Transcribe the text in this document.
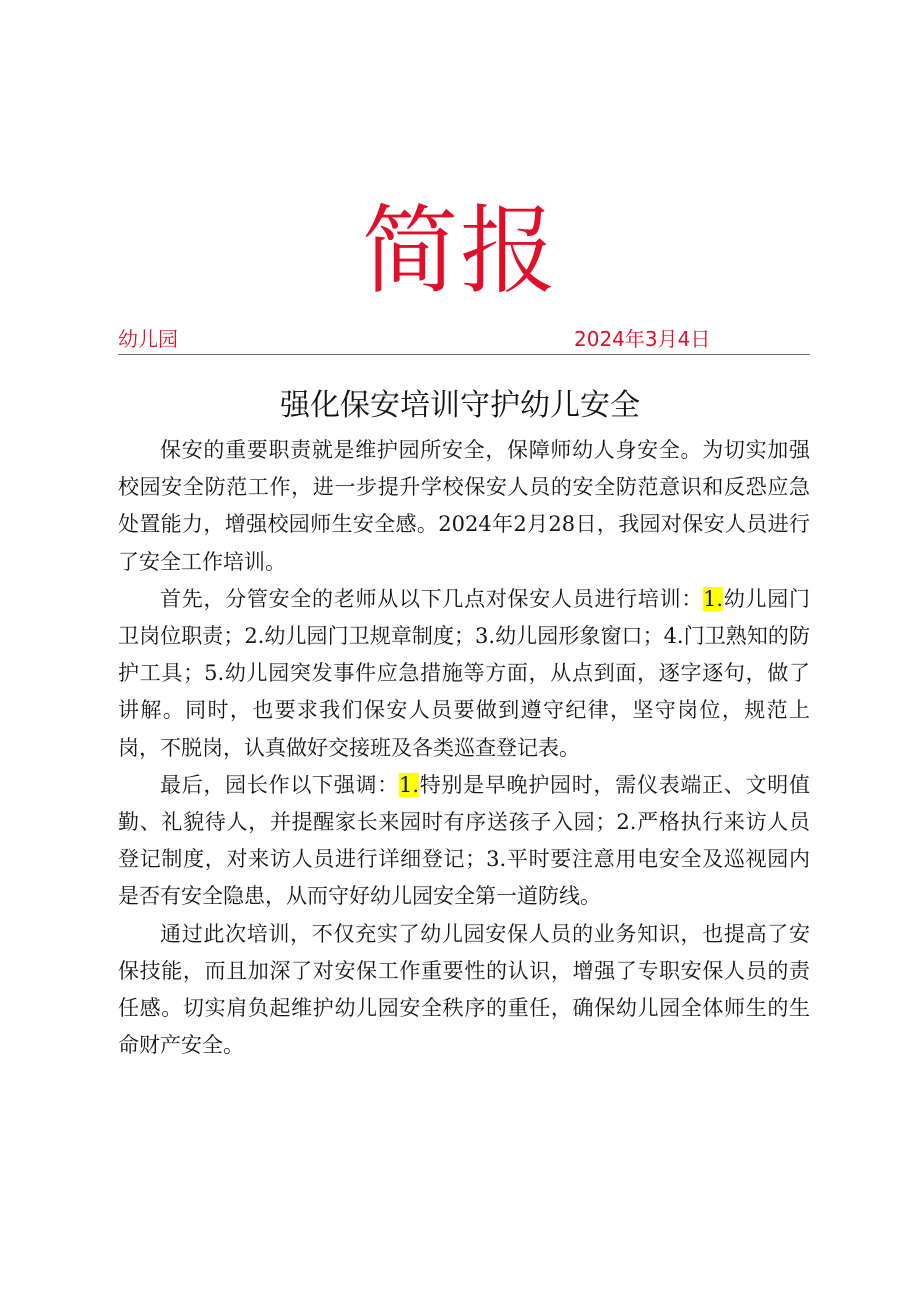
简报
幼儿园	2024年3月4日
强化保安培训守护幼儿安全

保安的重要职责就是维护园所安全，保障师幼人身安全。为切实加强校园安全防范工作，进一步提升学校保安人员的安全防范意识和反恐应急处置能力，增强校园师生安全感。2024年2月28日，我园对保安人员进行了安全工作培训。

首先，分管安全的老师从以下几点对保安人员进行培训：1.幼儿园门卫岗位职责；2.幼儿园门卫规章制度；3.幼儿园形象窗口；4.门卫熟知的防护工具；5.幼儿园突发事件应急措施等方面，从点到面，逐字逐句，做了讲解。同时，也要求我们保安人员要做到遵守纪律，坚守岗位，规范上岗，不脱岗，认真做好交接班及各类巡查登记表。

最后，园长作以下强调：1.特别是早晚护园时，需仪表端正、文明值勤、礼貌待人，并提醒家长来园时有序送孩子入园；2.严格执行来访人员登记制度，对来访人员进行详细登记；3.平时要注意用电安全及巡视园内是否有安全隐患，从而守好幼儿园安全第一道防线。

通过此次培训，不仅充实了幼儿园安保人员的业务知识，也提高了安保技能，而且加深了对安保工作重要性的认识，增强了专职安保人员的责任感。切实肩负起维护幼儿园安全秩序的重任，确保幼儿园全体师生的生命财产安全。
